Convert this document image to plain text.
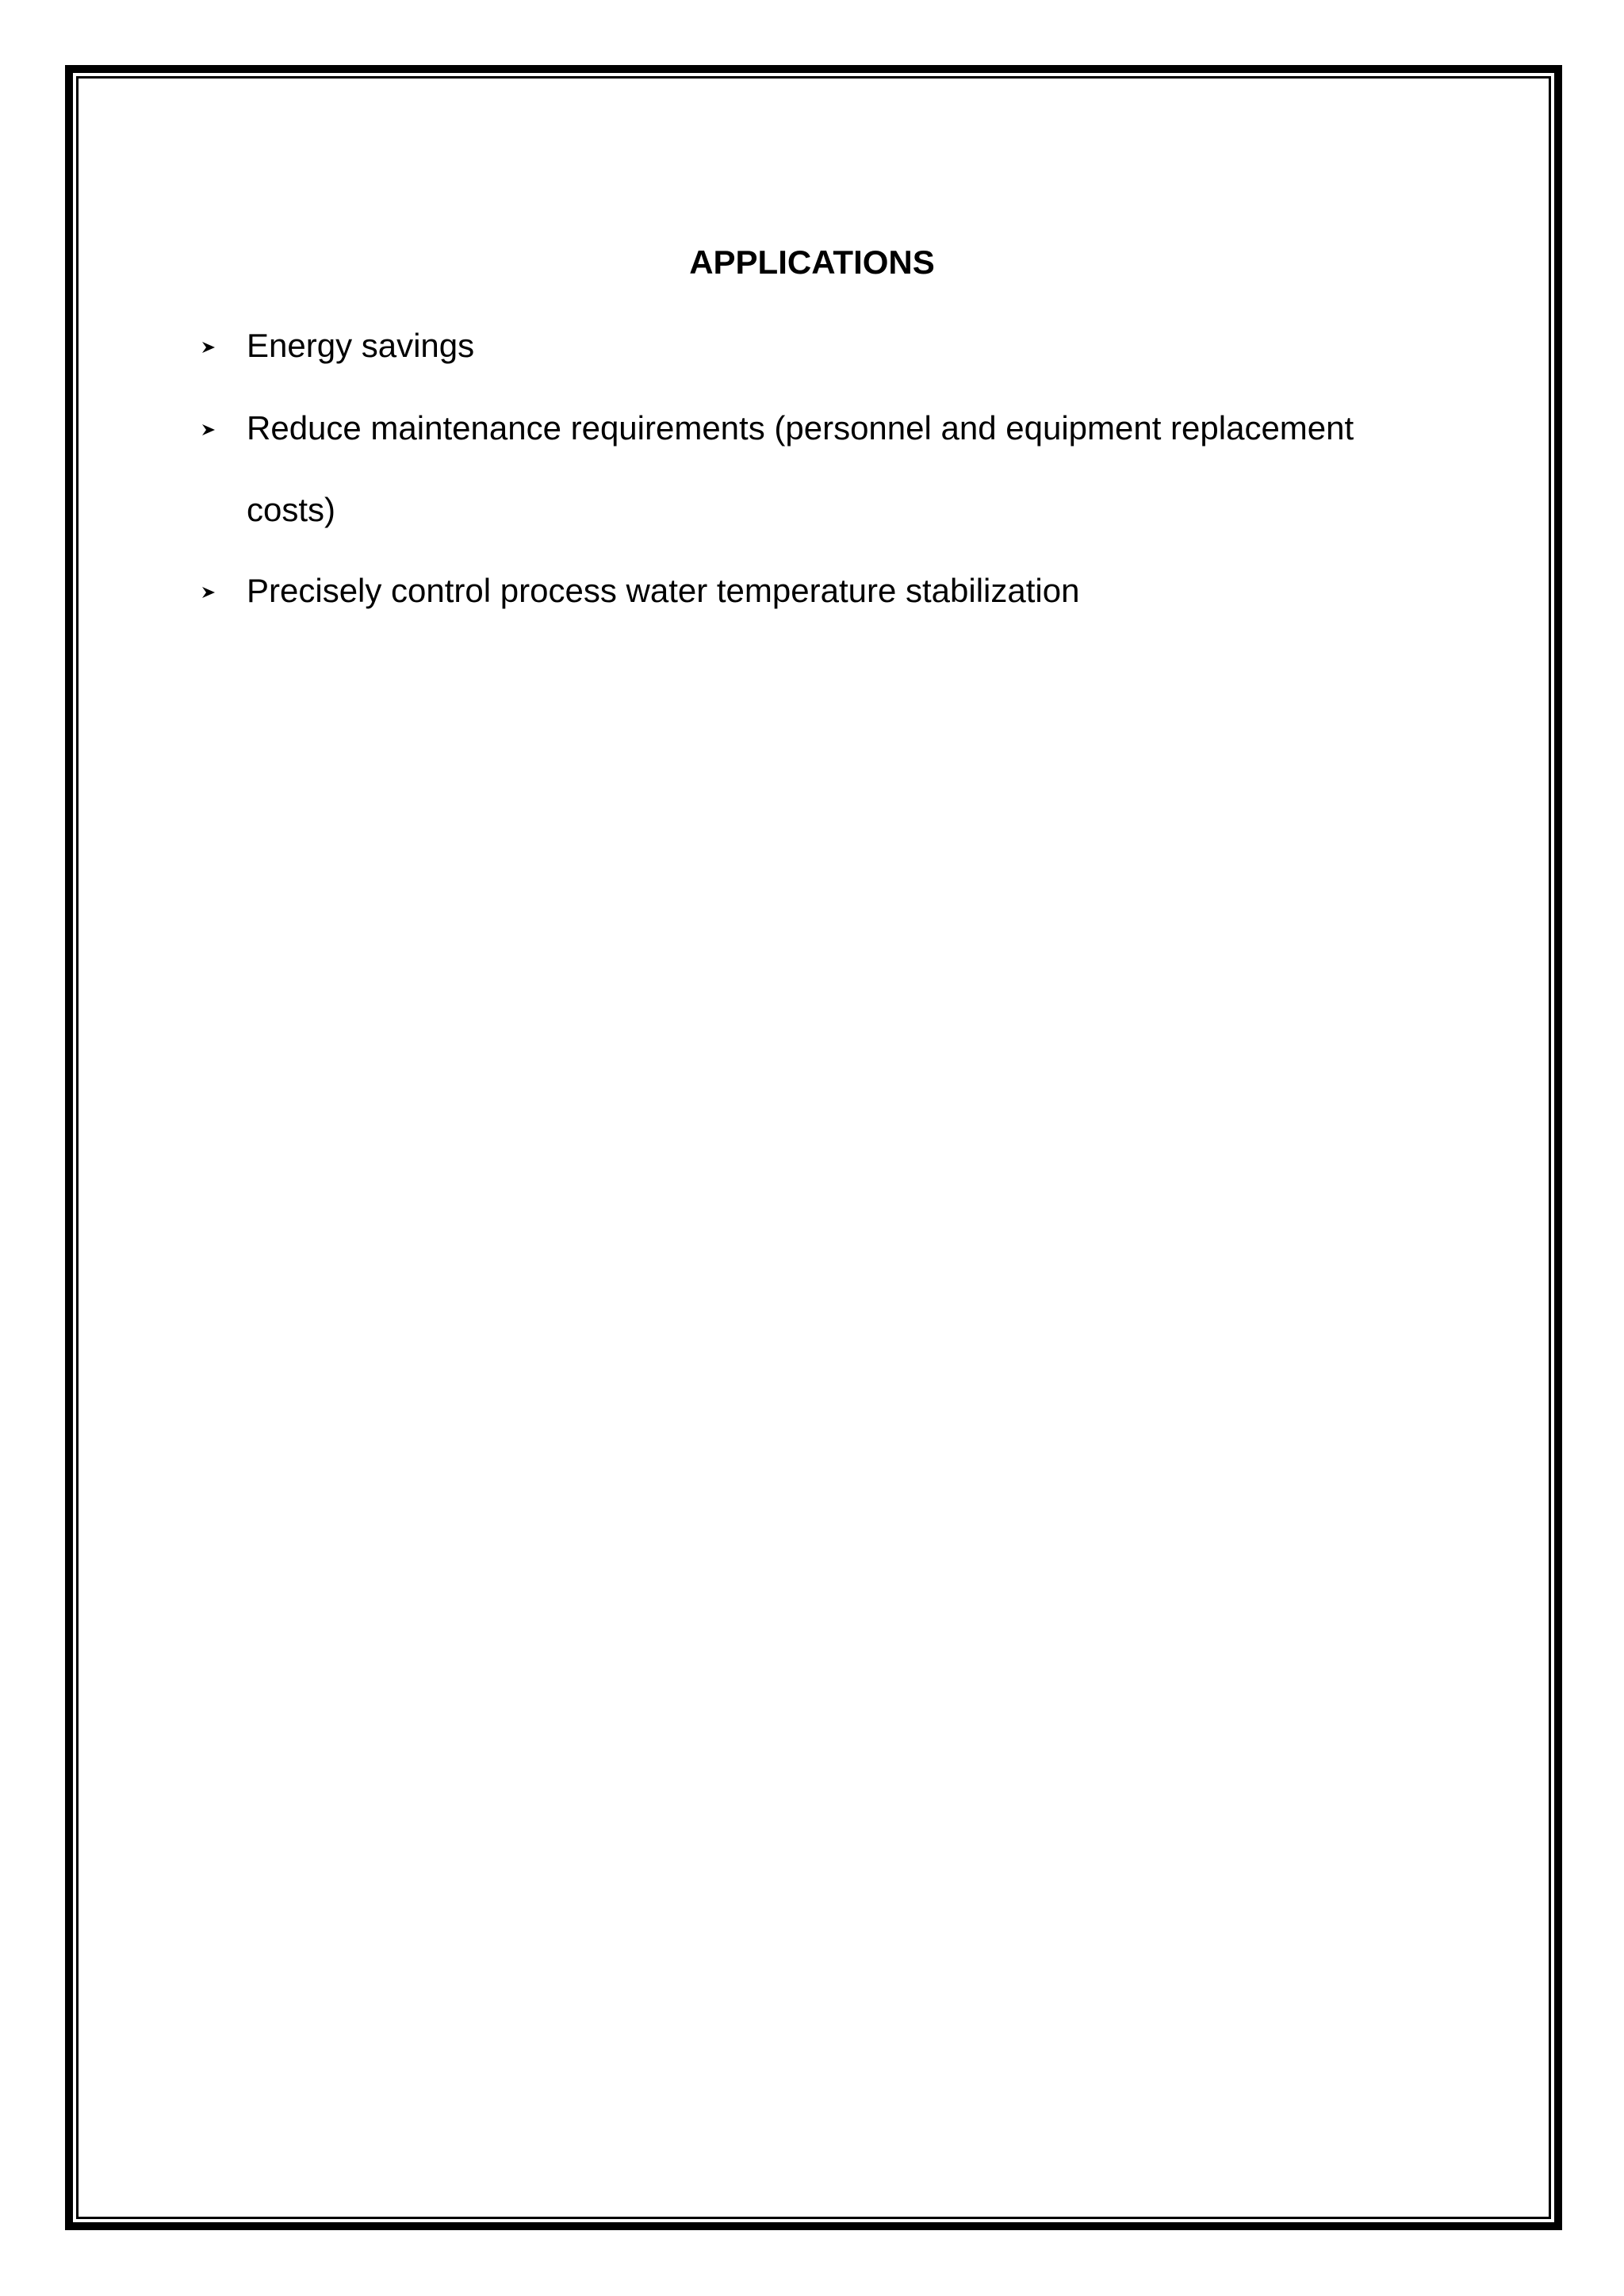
APPLICATIONS

Energy savings

Reduce maintenance requirements (personnel and equipment replacement

costs)

Precisely control process water temperature stabilization
